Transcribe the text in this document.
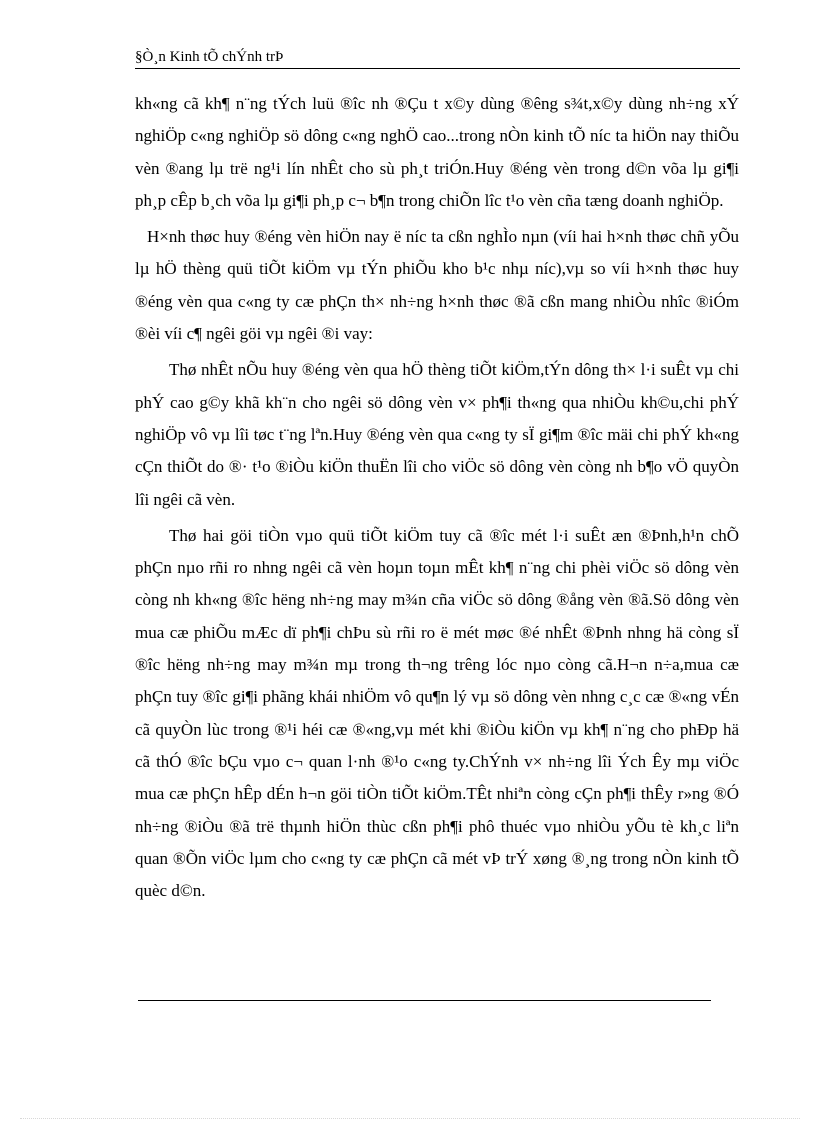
§Ò¸n Kinh tÕ chÝnh trÞ

kh«ng cã kh¶ n¨ng tÝch luü ®îc nh ®Çu t x©y dùng ®êng s¾t,x©y dùng nh÷ng xÝ nghiÖp c«ng nghiÖp sö dông c«ng nghÖ cao...trong nÒn kinh tÕ níc ta hiÖn nay thiÕu vèn ®ang lµ trë ng¹i lín nhÊt cho sù ph¸t triÓn.Huy ®éng vèn trong d©n võa lµ gi¶i ph¸p cÊp b¸ch võa lµ gi¶i ph¸p c¬ b¶n trong chiÕn lîc t¹o vèn cña tæng doanh nghiÖp.

H×nh thøc huy ®éng vèn hiÖn nay ë níc ta cßn nghÌo nµn (víi hai h×nh thøc chñ yÕu lµ hÖ thèng quü tiÕt kiÖm vµ tÝn phiÕu kho b¹c nhµ níc),vµ so víi h×nh thøc huy ®éng vèn qua c«ng ty cæ phÇn th× nh÷ng h×nh thøc ®ã cßn mang nhiÒu nhîc ®iÓm ®èi víi c¶ ngêi göi vµ ngêi ®i vay:

Thø nhÊt nÕu huy ®éng vèn qua hÖ thèng tiÕt kiÖm,tÝn dông th× l·i suÊt vµ chi phÝ cao g©y khã kh¨n cho ngêi sö dông vèn v× ph¶i th«ng qua nhiÒu kh©u,chi phÝ nghiÖp vô vµ lîi tøc t¨ng lªn.Huy ®éng vèn qua c«ng ty sÏ gi¶m ®îc mäi chi phÝ kh«ng cÇn thiÕt do ®· t¹o ®iÒu kiÖn thuËn lîi cho viÖc sö dông vèn còng nh b¶o vÖ quyÒn lîi ngêi cã vèn.

Thø hai göi tiÒn vµo quü tiÕt kiÖm tuy cã ®îc mét l·i suÊt æn ®Þnh,h¹n chÕ phÇn nµo rñi ro nhng ngêi cã vèn hoµn toµn mÊt kh¶ n¨ng chi phèi viÖc sö dông vèn còng nh kh«ng ®îc hëng nh÷ng may m¾n cña viÖc sö dông ®ång vèn ®ã.Sö dông vèn mua cæ phiÕu mÆc dï ph¶i chÞu sù rñi ro ë mét møc ®é nhÊt ®Þnh nhng hä còng sÏ ®îc hëng nh÷ng may m¾n mµ trong th¬ng trêng lóc nµo còng cã.H¬n n÷a,mua cæ phÇn tuy ®îc gi¶i phãng khái nhiÖm vô qu¶n lý vµ sö dông vèn nhng c¸c cæ ®«ng vÉn cã quyÒn lùc trong ®¹i héi cæ ®«ng,vµ mét khi ®iÒu kiÖn vµ kh¶ n¨ng cho phÐp hä cã thÓ ®îc bÇu vµo c¬ quan l·nh ®¹o c«ng ty.ChÝnh v× nh÷ng lîi Ých Êy mµ viÖc mua cæ phÇn hÊp dÉn h¬n göi tiÒn tiÕt kiÖm.TÊt nhiªn còng cÇn ph¶i thÊy r»ng ®Ó nh÷ng ®iÒu ®ã trë thµnh hiÖn thùc cßn ph¶i phô thuéc vµo nhiÒu yÕu tè kh¸c liªn quan ®Õn viÖc lµm cho c«ng ty cæ phÇn cã mét vÞ trÝ xøng ®¸ng trong nÒn kinh tÕ quèc d©n.
